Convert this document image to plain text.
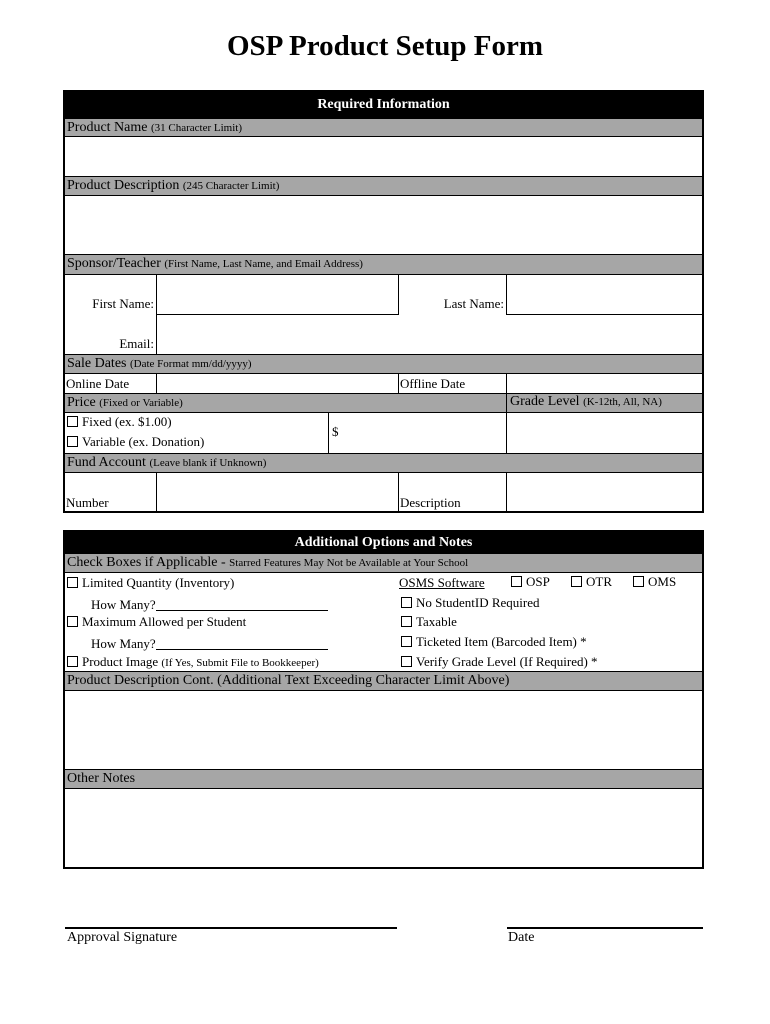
OSP Product Setup Form
Required Information
Product Name (31 Character Limit)
Product Description (245 Character Limit)
Sponsor/Teacher (First Name, Last Name, and Email Address)
First Name:	Last Name:
Email:
Sale Dates (Date Format mm/dd/yyyy)
Online Date	Offline Date
Price (Fixed or Variable)	Grade Level (K-12th, All, NA)
Fixed (ex. $1.00)
Variable (ex. Donation)
$
Fund Account (Leave blank if Unknown)
Number	Description
Additional Options and Notes
Check Boxes if Applicable - Starred Features May Not be Available at Your School
Limited Quantity (Inventory)
How Many?
Maximum Allowed per Student
How Many?
Product Image (If Yes, Submit File to Bookkeeper)
OSMS Software	OSP	OTR	OMS
No StudentID Required
Taxable
Ticketed Item (Barcoded Item) *
Verify Grade Level (If Required) *
Product Description Cont. (Additional Text Exceeding Character Limit Above)
Other Notes
Approval Signature	Date
